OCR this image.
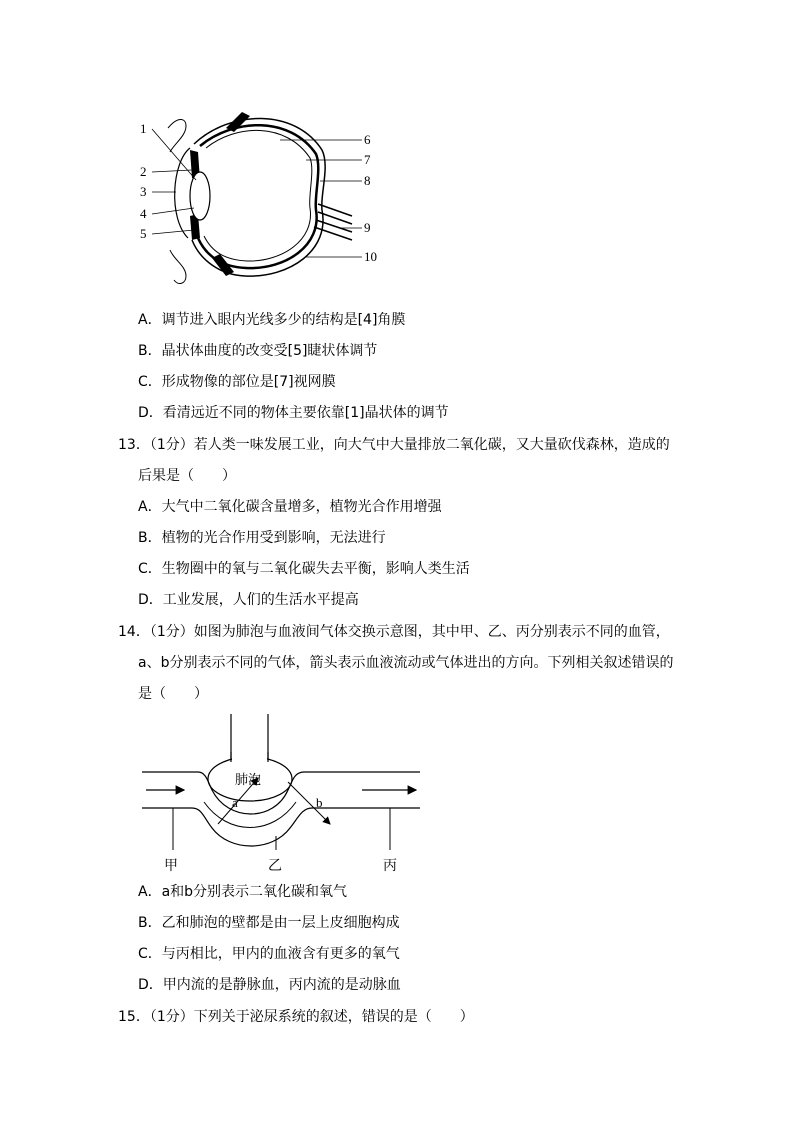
1
2
3
4
5
6
7
8
9
10
A．调节进入眼内光线多少的结构是[4]角膜
B．晶状体曲度的改变受[5]睫状体调节
C．形成物像的部位是[7]视网膜
D．看清远近不同的物体主要依靠[1]晶状体的调节
13．（1分）若人类一味发展工业，向大气中大量排放二氧化碳，又大量砍伐森林，造成的
后果是（　　）
A．大气中二氧化碳含量增多，植物光合作用增强
B．植物的光合作用受到影响，无法进行
C．生物圈中的氧与二氧化碳失去平衡，影响人类生活
D．工业发展，人们的生活水平提高
14．（1分）如图为肺泡与血液间气体交换示意图，其中甲、乙、丙分别表示不同的血管，
a、b分别表示不同的气体，箭头表示血液流动或气体进出的方向。下列相关叙述错误的
是（　　）
肺泡
a	b
甲	乙	丙
A．a和b分别表示二氧化碳和氧气
B．乙和肺泡的壁都是由一层上皮细胞构成
C．与丙相比，甲内的血液含有更多的氧气
D．甲内流的是静脉血，丙内流的是动脉血
15．（1分）下列关于泌尿系统的叙述，错误的是（　　）
